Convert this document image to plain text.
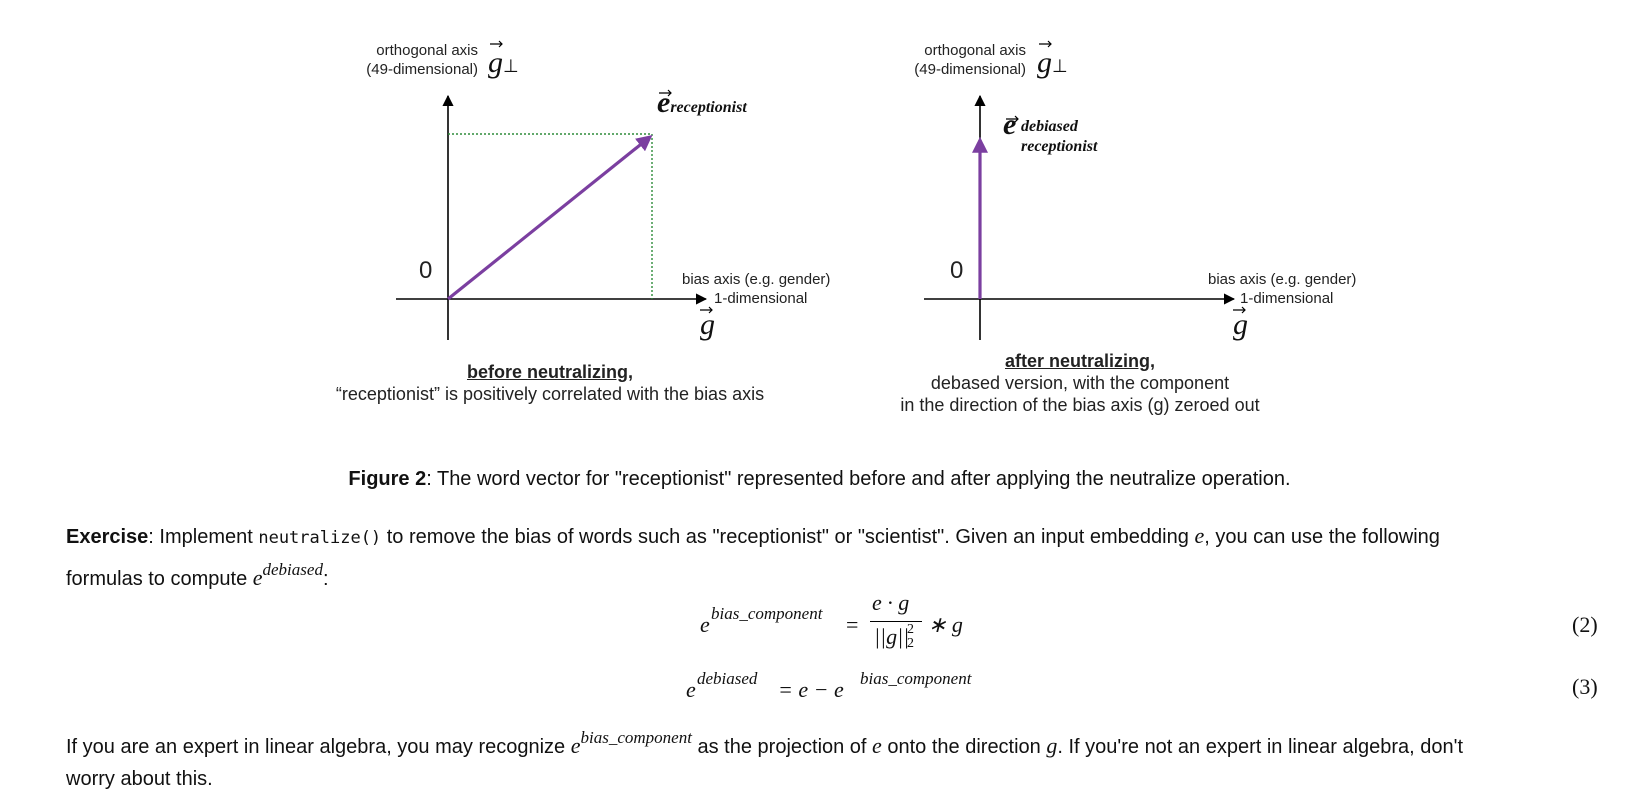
orthogonal axis
(49-dimensional) g⊥
0	bias axis (e.g. gender)
1-dimensional
g
ereceptionist
before neutralizing,
“receptionist” is positively correlated with the bias axis
orthogonal axis
(49-dimensional) g⊥
0	bias axis (e.g. gender)
1-dimensional
g
e debiased
receptionist
after neutralizing,
debased version, with the component
in the direction of the bias axis (g) zeroed out
Figure 2: The word vector for "receptionist" represented before and after applying the neutralize operation.
Exercise: Implement neutralize() to remove the bias of words such as "receptionist" or "scientist". Given an input embedding e, you can use the following
formulas to compute $e^{debiased}$:
e bias_component =
e · g
||g||
2
2
∗ g	(2)
e debiased = e − e bias_component	(3)
If you are an expert in linear algebra, you may recognize $e^{bias\_component}$ as the projection of e onto the direction g. If you're not an expert in linear algebra, don't
worry about this.
